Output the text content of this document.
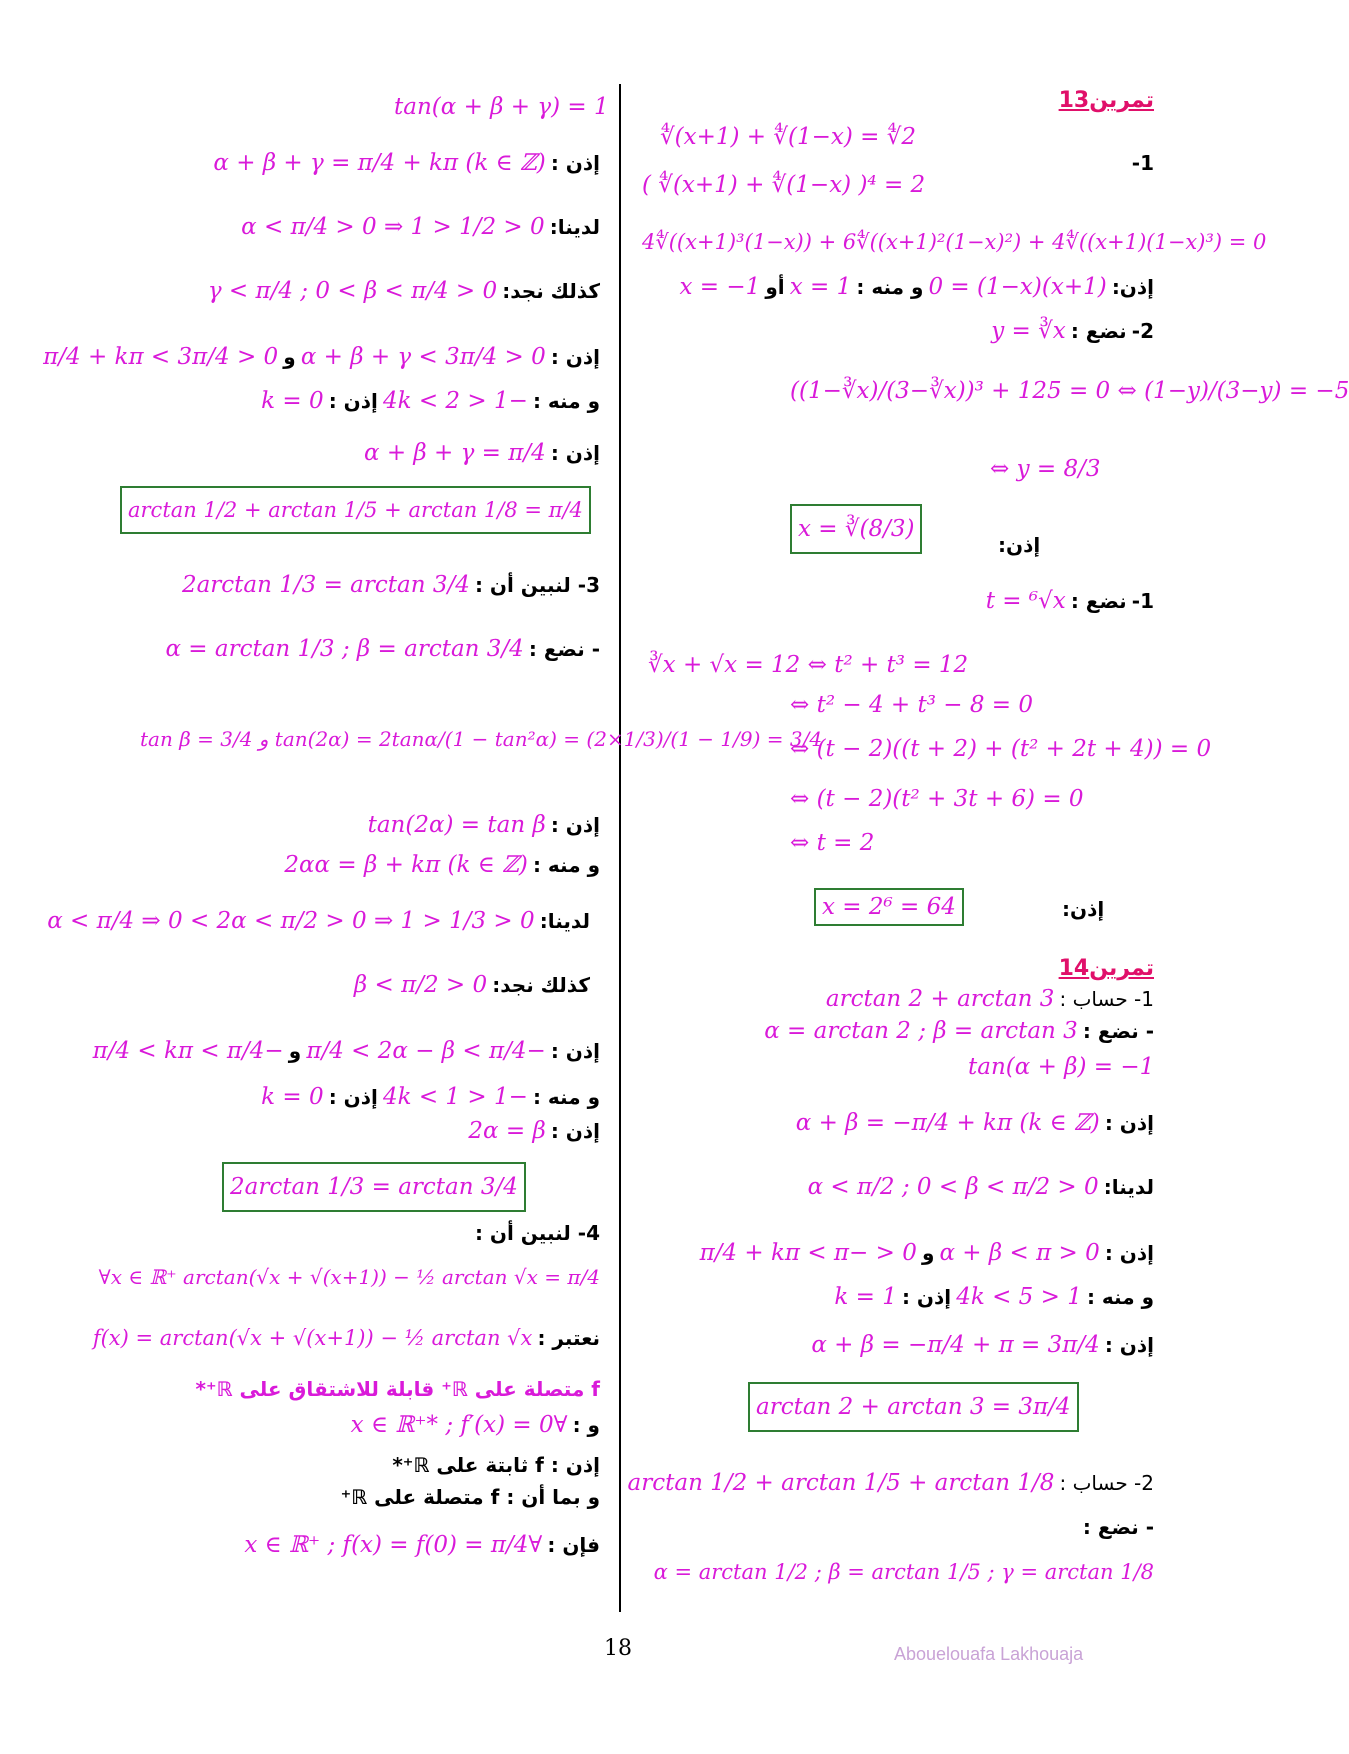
تمرين13
∜(x+1) + ∜(1−x) = ∜2
1-
( ∜(x+1) + ∜(1−x) )⁴ = 2
4∜((x+1)³(1−x)) + 6∜((x+1)²(1−x)²) + 4∜((x+1)(1−x)³) = 0
إذن: (x+1)(1−x) = 0 و منه : x = 1 أو x = −1
2- نضع : y = ∛x
((1−∛x)/(3−∛x))³ + 125 = 0 ⇔ (1−y)/(3−y) = −5
⇔ y = 8/3
إذن:
x = ∛(8/3)
1- نضع : t = ⁶√x
∛x + √x = 12 ⇔ t² + t³ = 12
⇔ t² − 4 + t³ − 8 = 0
⇔ (t − 2)((t + 2) + (t² + 2t + 4)) = 0
⇔ (t − 2)(t² + 3t + 6) = 0
⇔ t = 2
x = 2⁶ = 64	إذن:
تمرين14
1- حساب : arctan 2 + arctan 3
- نضع : α = arctan 2 ; β = arctan 3
tan(α + β) = −1
إذن : (k ∈ ℤ) α + β = −π/4 + kπ
لدينا: 0 < α < π/2 ; 0 < β < π/2
إذن : 0 < α + β < π و 0 < −π/4 + kπ < π
و منه : 1 < 4k < 5 إذن : k = 1
إذن : α + β = −π/4 + π = 3π/4
arctan 2 + arctan 3 = 3π/4
2- حساب : arctan 1/2 + arctan 1/5 + arctan 1/8
- نضع :
α = arctan 1/2 ; β = arctan 1/5 ; γ = arctan 1/8
tan(α + β + γ) = 1
إذن : (k ∈ ℤ) α + β + γ = π/4 + kπ
لدينا: 0 < 1/2 < 1 ⇒ 0 < α < π/4
كذلك نجد: 0 < γ < π/4 ; 0 < β < π/4
إذن : 0 < α + β + γ < 3π/4 و 0 < π/4 + kπ < 3π/4
و منه : −1 < 4k < 2 إذن : k = 0
إذن : α + β + γ = π/4
arctan 1/2 + arctan 1/5 + arctan 1/8 = π/4
3- لنبين أن : 2arctan 1/3 = arctan 3/4
- نضع : α = arctan 1/3 ; β = arctan 3/4
tan β = 3/4 و tan(2α) = 2tanα/(1 − tan²α) = (2×1/3)/(1 − 1/9) = 3/4
إذن : tan(2α) = tan β
و منه : (k ∈ ℤ) 2αα = β + kπ
لدينا: 0 < 1/3 < 1 ⇒ 0 < α < π/4 ⇒ 0 < 2α < π/2
كذلك نجد: 0 < β < π/2
إذن : −π/4 < 2α − β < π/4 و −π/4 < kπ < π/4
و منه : −1 < 4k < 1 إذن : k = 0
إذن : 2α = β
2arctan 1/3 = arctan 3/4
4- لنبين أن :
∀x ∈ ℝ⁺ arctan(√x + √(x+1)) − ½ arctan √x = π/4
نعتبر : f(x) = arctan(√x + √(x+1)) − ½ arctan √x
f متصلة على ℝ⁺ قابلة للاشتقاق على ℝ⁺*
و : ∀x ∈ ℝ⁺* ; f′(x) = 0
إذن : f ثابتة على ℝ⁺*
و بما أن : f متصلة على ℝ⁺
فإن : ∀x ∈ ℝ⁺ ; f(x) = f(0) = π/4
18	Abouelouafa Lakhouaja
